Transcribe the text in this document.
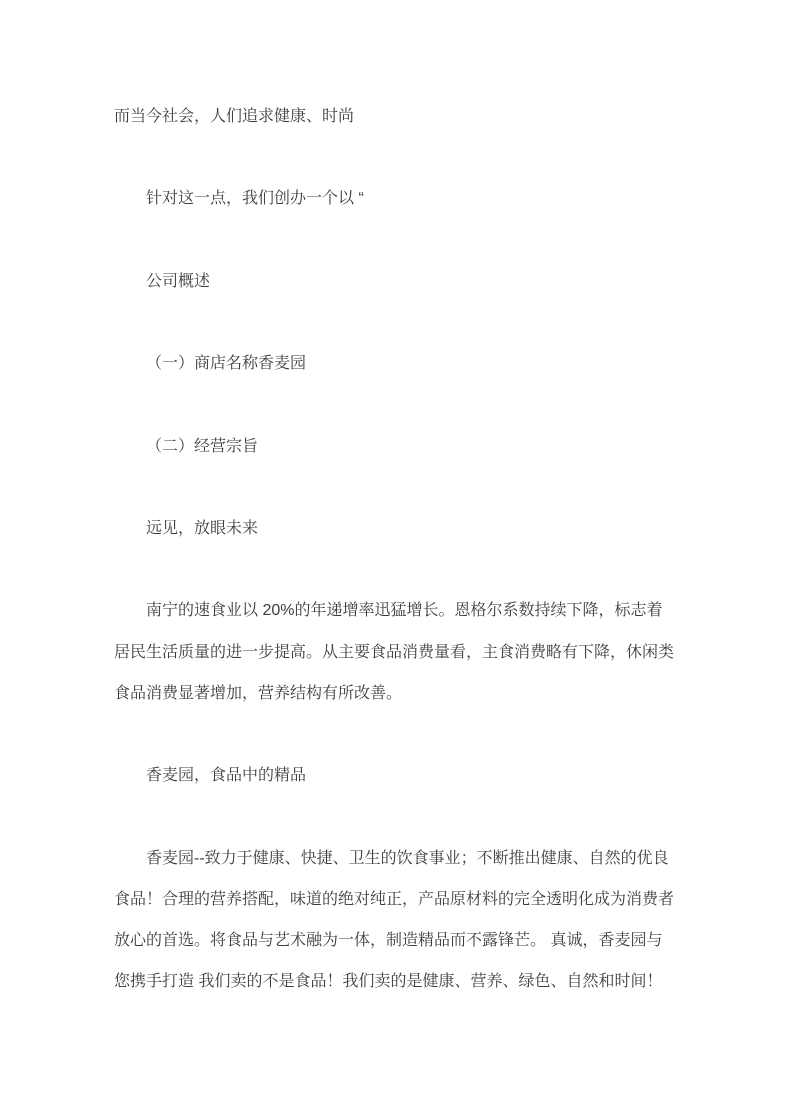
而当今社会，人们追求健康、时尚
针对这一点，我们创办一个以 “
公司概述
（一）商店名称香麦园
（二）经营宗旨
远见，放眼未来
南宁的速食业以 20%的年递增率迅猛增长。恩格尔系数持续下降，标志着
居民生活质量的进一步提高。从主要食品消费量看，主食消费略有下降，休闲类
食品消费显著增加，营养结构有所改善。
香麦园，食品中的精品
香麦园--致力于健康、快捷、卫生的饮食事业；不断推出健康、自然的优良
食品！合理的营养搭配，味道的绝对纯正，产品原材料的完全透明化成为消费者
放心的首选。将食品与艺术融为一体，制造精品而不露锋芒。 真诚，香麦园与
您携手打造 我们卖的不是食品！我们卖的是健康、营养、绿色、自然和时间！
